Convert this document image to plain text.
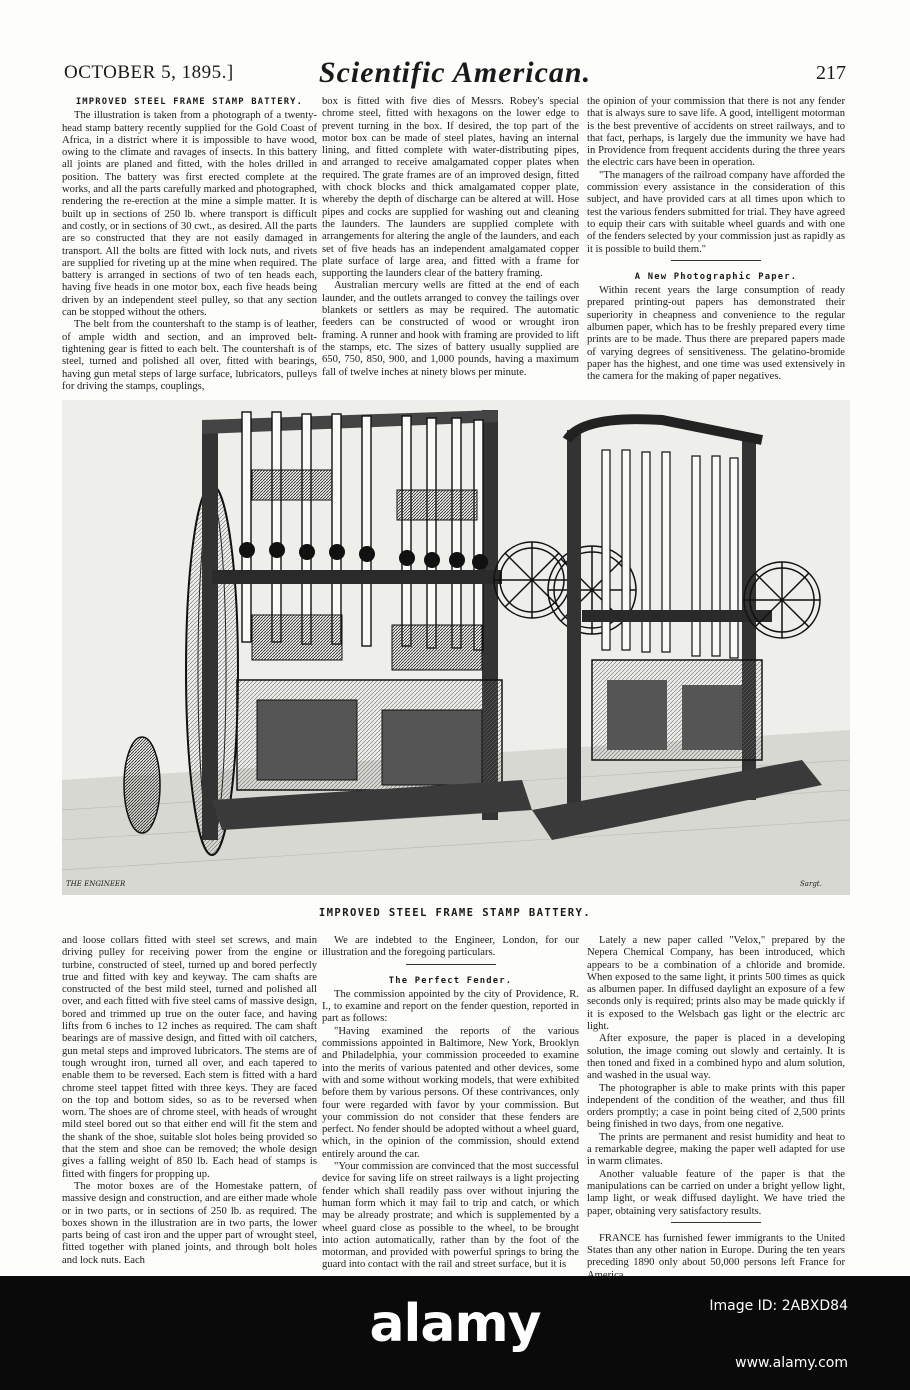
OCTOBER 5, 1895.]	Scientific American.	217
IMPROVED STEEL FRAME STAMP BATTERY.

The illustration is taken from a photograph of a twenty-head stamp battery recently supplied for the Gold Coast of Africa, in a district where it is impossible to have wood, owing to the climate and ravages of insects. In this battery all joints are planed and fitted, with the holes drilled in position. The battery was first erected complete at the works, and all the parts carefully marked and photographed, rendering the re-erection at the mine a simple matter. It is built up in sections of 250 lb. where transport is difficult and costly, or in sections of 30 cwt., as desired. All the parts are so constructed that they are not easily damaged in transport. All the bolts are fitted with lock nuts, and rivets are supplied for riveting up at the mine when required. The battery is arranged in sections of two of ten heads each, having five heads in one motor box, each five heads being driven by an independent steel pulley, so that any section can be stopped without the others.

The belt from the countershaft to the stamp is of leather, of ample width and section, and an improved belt-tightening gear is fitted to each belt. The countershaft is of steel, turned and polished all over, fitted with bearings, having gun metal steps of large surface, lubricators, pulleys for driving the stamps, couplings,

box is fitted with five dies of Messrs. Robey's special chrome steel, fitted with hexagons on the lower edge to prevent turning in the box. If desired, the top part of the motor box can be made of steel plates, having an internal lining, and fitted complete with water-distributing pipes, and arranged to receive amalgamated copper plates when required. The grate frames are of an improved design, fitted with chock blocks and thick amalgamated copper plate, whereby the depth of discharge can be altered at will. Hose pipes and cocks are supplied for washing out and cleaning the launders. The launders are supplied complete with arrangements for altering the angle of the launders, and each set of five heads has an independent amalgamated copper plate surface of large area, and fitted with a frame for supporting the launders clear of the battery framing.

Australian mercury wells are fitted at the end of each launder, and the outlets arranged to convey the tailings over blankets or settlers as may be required. The automatic feeders can be constructed of wood or wrought iron framing. A runner and hook with framing are provided to lift the stamps, etc. The sizes of battery usually supplied are 650, 750, 850, 900, and 1,000 pounds, having a maximum fall of twelve inches at ninety blows per minute.

the opinion of your commission that there is not any fender that is always sure to save life. A good, intelligent motorman is the best preventive of accidents on street railways, and to that fact, perhaps, is largely due the immunity we have had in Providence from frequent accidents during the three years the electric cars have been in operation.

"The managers of the railroad company have afforded the commission every assistance in the consideration of this subject, and have provided cars at all times upon which to test the various fenders submitted for trial. They have agreed to equip their cars with suitable wheel guards and with one of the fenders selected by your commission just as rapidly as it is possible to build them."

A New Photographic Paper.

Within recent years the large consumption of ready prepared printing-out papers has demonstrated their superiority in cheapness and convenience to the regular albumen paper, which has to be freshly prepared every time prints are to be made. Thus there are prepared papers made of varying degrees of sensitiveness. The gelatino-bromide paper has the highest, and one time was used extensively in the camera for the making of paper negatives.

THE ENGINEER	Sargt.
IMPROVED STEEL FRAME STAMP BATTERY.

and loose collars fitted with steel set screws, and main driving pulley for receiving power from the engine or turbine, constructed of steel, turned up and bored perfectly true and fitted with key and keyway. The cam shafts are constructed of the best mild steel, turned and polished all over, and each fitted with five steel cams of massive design, bored and trimmed up true on the outer face, and having lifts from 6 inches to 12 inches as required. The cam shaft bearings are of massive design, and fitted with oil catchers, gun metal steps and improved lubricators. The stems are of tough wrought iron, turned all over, and each tapered to enable them to be reversed. Each stem is fitted with a hard chrome steel tappet fitted with three keys. They are faced on the top and bottom sides, so as to be reversed when worn. The shoes are of chrome steel, with heads of wrought mild steel bored out so that either end will fit the stem and the shank of the shoe, suitable slot holes being provided so that the stem and shoe can be removed; the whole design gives a falling weight of 850 lb. Each head of stamps is fitted with fingers for propping up.

The motor boxes are of the Homestake pattern, of massive design and construction, and are either made whole or in two parts, or in sections of 250 lb. as required. The boxes shown in the illustration are in two parts, the lower parts being of cast iron and the upper part of wrought steel, fitted together with planed joints, and through bolt holes and lock nuts. Each

We are indebted to the Engineer, London, for our illustration and the foregoing particulars.

The Perfect Fender.

The commission appointed by the city of Providence, R. I., to examine and report on the fender question, reported in part as follows:

"Having examined the reports of the various commissions appointed in Baltimore, New York, Brooklyn and Philadelphia, your commission proceeded to examine into the merits of various patented and other devices, some with and some without working models, that were exhibited before them by various persons. Of these contrivances, only four were regarded with favor by your commission. But your commission do not consider that these fenders are perfect. No fender should be adopted without a wheel guard, which, in the opinion of the commission, should extend entirely around the car.

"Your commission are convinced that the most successful device for saving life on street railways is a light projecting fender which shall readily pass over without injuring the human form which it may fail to trip and catch, or which may be already prostrate; and which is supplemented by a wheel guard close as possible to the wheel, to be brought into action automatically, rather than by the foot of the motorman, and provided with powerful springs to bring the guard into contact with the rail and street surface, but it is

Lately a new paper called "Velox," prepared by the Nepera Chemical Company, has been introduced, which appears to be a combination of a chloride and bromide. When exposed to the same light, it prints 500 times as quick as albumen paper. In diffused daylight an exposure of a few seconds only is required; prints also may be made quickly if it is exposed to the Welsbach gas light or the electric arc light.

After exposure, the paper is placed in a developing solution, the image coming out slowly and certainly. It is then toned and fixed in a combined hypo and alum solution, and washed in the usual way.

The photographer is able to make prints with this paper independent of the condition of the weather, and thus fill orders promptly; a case in point being cited of 2,500 prints being finished in two days, from one negative.

The prints are permanent and resist humidity and heat to a remarkable degree, making the paper well adapted for use in warm climates.

Another valuable feature of the paper is that the manipulations can be carried on under a bright yellow light, lamp light, or weak diffused daylight. We have tried the paper, obtaining very satisfactory results.

FRANCE has furnished fewer immigrants to the United States than any other nation in Europe. During the ten years preceding 1890 only about 50,000 persons left France for

alamy	Image ID: 2ABXD84
www.alamy.com
